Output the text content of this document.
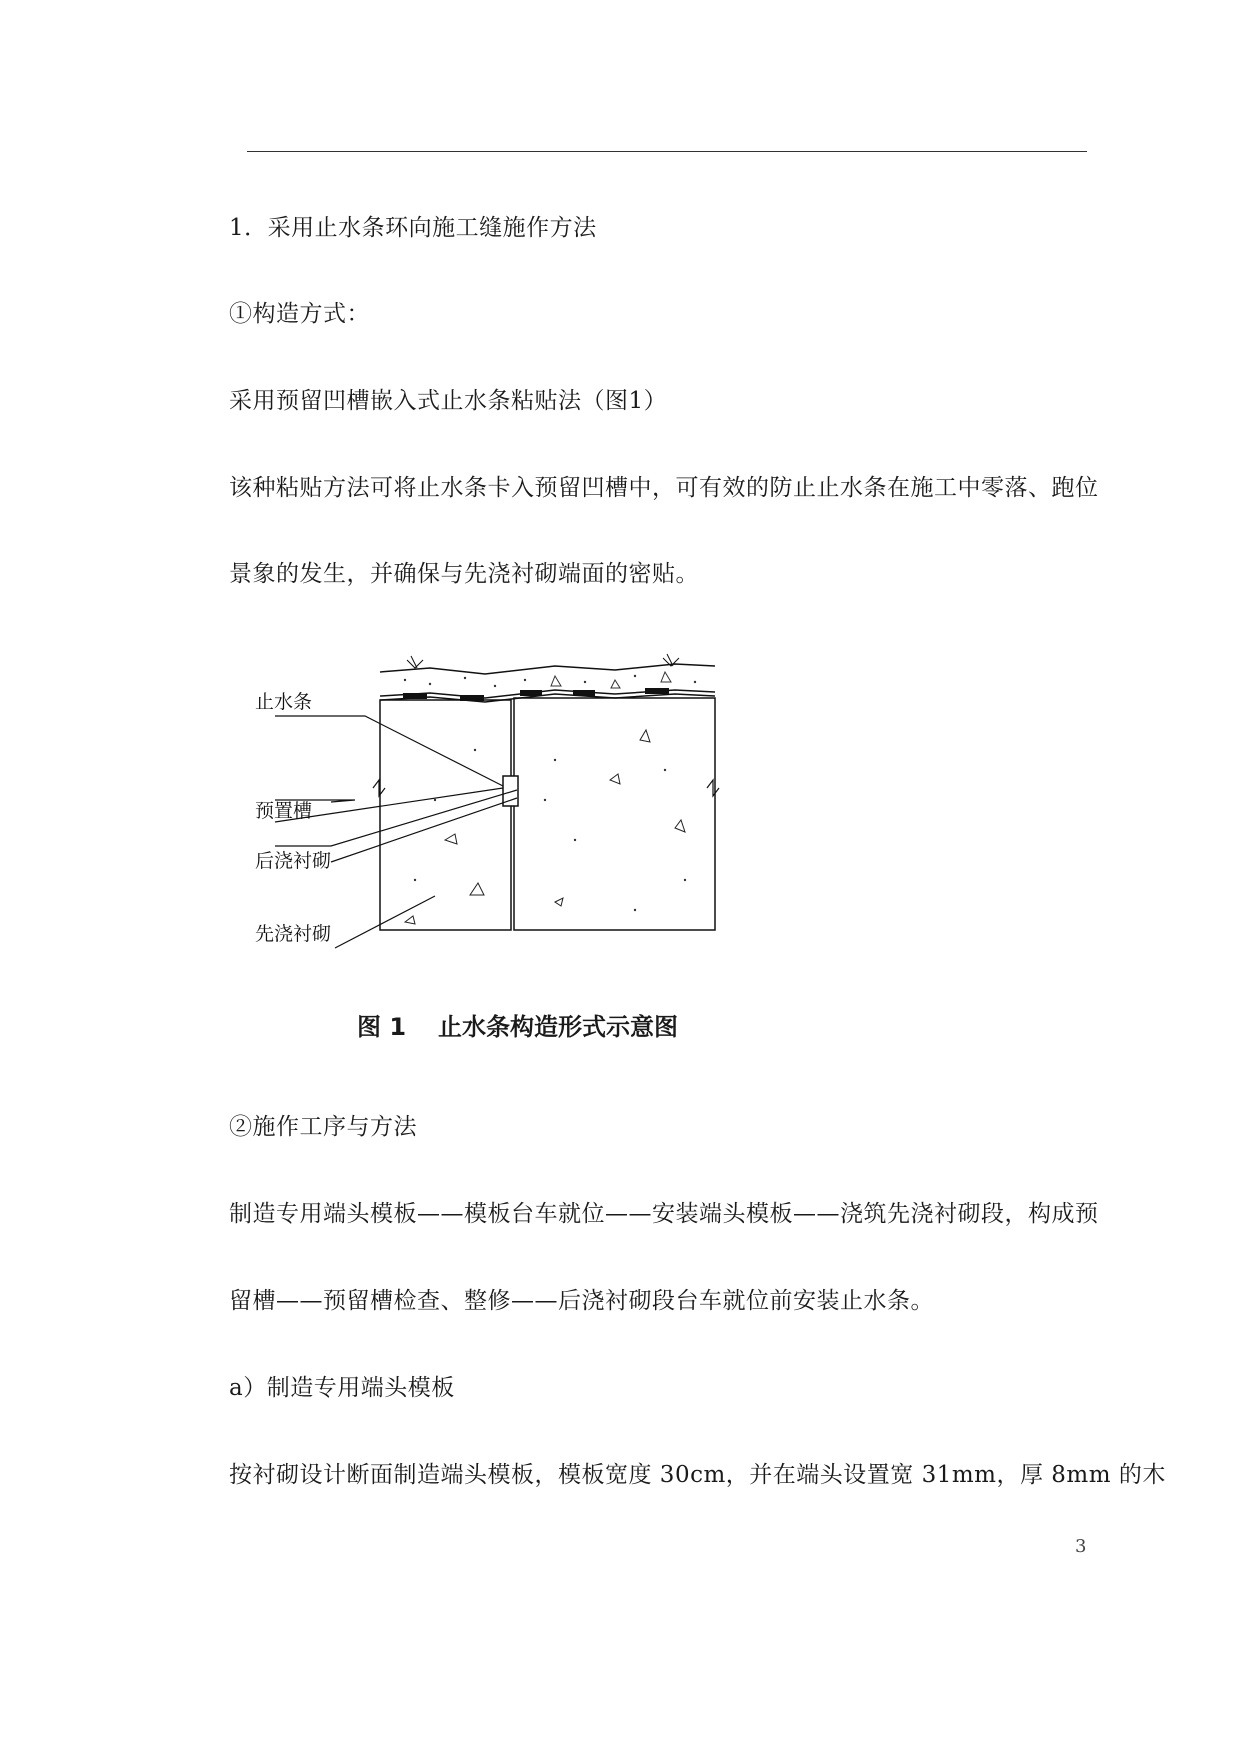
1．采用止水条环向施工缝施作方法
①构造方式：
采用预留凹槽嵌入式止水条粘贴法（图1）
该种粘贴方法可将止水条卡入预留凹槽中，可有效的防止止水条在施工中零落、跑位
景象的发生，并确保与先浇衬砌端面的密贴。
止水条
预置槽
后浇衬砌
先浇衬砌
图 1 止水条构造形式示意图
②施作工序与方法
制造专用端头模板——模板台车就位——安装端头模板——浇筑先浇衬砌段，构成预
留槽——预留槽检查、整修——后浇衬砌段台车就位前安装止水条。
a）制造专用端头模板
按衬砌设计断面制造端头模板，模板宽度 30cm，并在端头设置宽 31mm，厚 8mm 的木
3
